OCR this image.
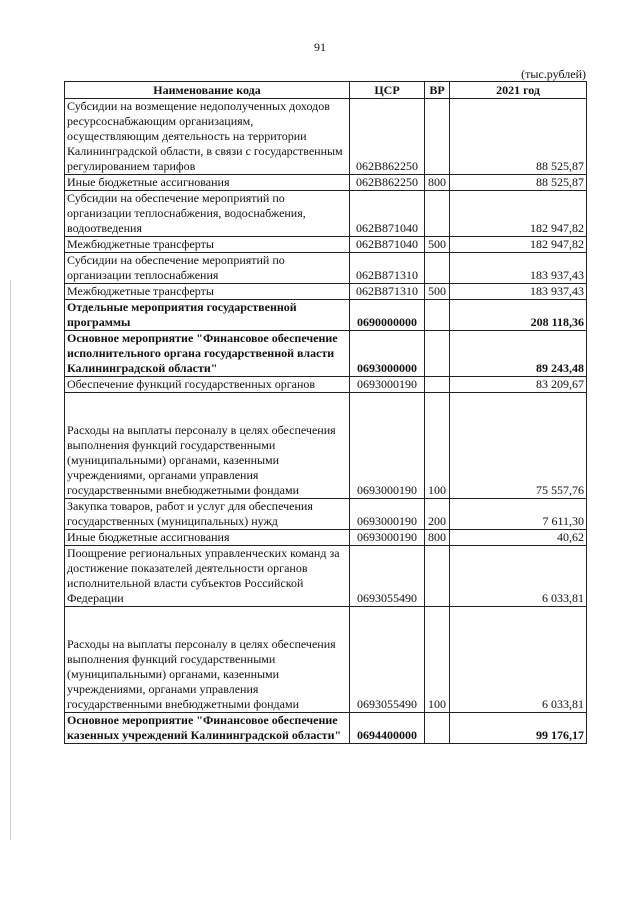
91
(тыс.рублей)
Наименование кода	ЦСР	ВР	2021 год
Субсидии на возмещение недополученных доходов ресурсоснабжающим организациям, осуществляющим деятельность на территории Калининградской области, в связи с государственным регулированием тарифов	062В862250		88 525,87
Иные бюджетные ассигнования	062В862250	800	88 525,87
Субсидии на обеспечение мероприятий по организации теплоснабжения, водоснабжения, водоотведения	062В871040		182 947,82
Межбюджетные трансферты	062В871040	500	182 947,82
Субсидии на обеспечение мероприятий по организации теплоснабжения	062В871310		183 937,43
Межбюджетные трансферты	062В871310	500	183 937,43
Отдельные мероприятия государственной программы	0690000000		208 118,36
Основное мероприятие "Финансовое обеспечение исполнительного органа государственной власти Калининградской области"	0693000000		89 243,48
Обеспечение функций государственных органов	0693000190		83 209,67
Расходы на выплаты персоналу в целях обеспечения выполнения функций государственными (муниципальными) органами, казенными учреждениями, органами управления государственными внебюджетными фондами	0693000190	100	75 557,76
Закупка товаров, работ и услуг для обеспечения государственных (муниципальных) нужд	0693000190	200	7 611,30
Иные бюджетные ассигнования	0693000190	800	40,62
Поощрение региональных управленческих команд за достижение показателей деятельности органов исполнительной власти субъектов Российской Федерации	0693055490		6 033,81
Расходы на выплаты персоналу в целях обеспечения выполнения функций государственными (муниципальными) органами, казенными учреждениями, органами управления государственными внебюджетными фондами	0693055490	100	6 033,81
Основное мероприятие "Финансовое обеспечение казенных учреждений Калининградской области"	0694400000		99 176,17
